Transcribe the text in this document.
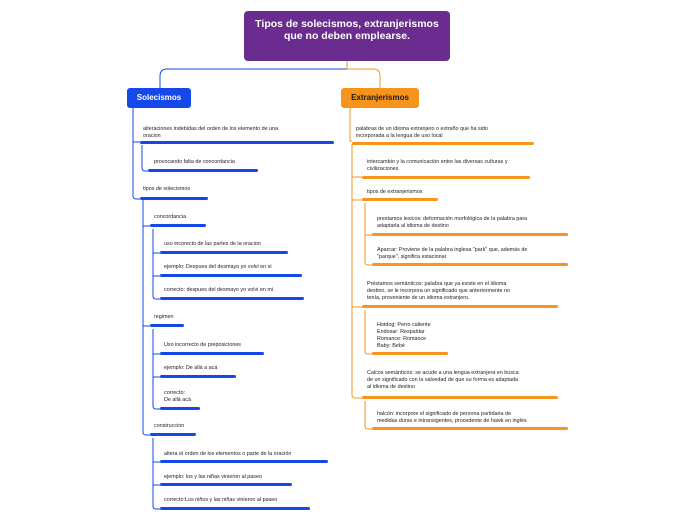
Tipos de solecismos, extranjerismos que no deben emplearse.
Solecismos	Extranjerismos
alteraciones indebidas del orden de los elemento de una
oracion
provocando falta de concordancia
tipos de solecismos
concordancia
uso incorecto de las partes de la oracion
ejemplo: Despues del desmayo yo volvi en si
correcto: despues del desmayo yo volvi en mi
regimen
Uso incorrecto de preposiciones
ejemplo: De allá a acá
correcto:
De allá acá
construccion
altera el orden de los elementos o parte de la oración
ejemplo: los y las niñas vinieron al paseo
correcto:Los niños y las niñas vinieron al paseo
palabras de un idioma extranjero o extraño que ha sido
incorporada a la lengua de uso local
intercambio y la comunicación entre las diversas culturas y
civilizaciones
tipos de extranjerismos
prestamos lexicos: deformación morfológica de la palabra para
adaptarla al idioma de destino
Aparcar: Proviene de la palabra inglesa "park" que, además de
"parque", significa estacionar
Préstamos semánticos: palabra que ya existe en el idioma
destino, se le incorpora un significado que anteriormente no
tenía, proveniente de un idioma extranjero.
Hotdog: Perro caliente
Endosar: Respaldar
Romance: Romance
Baby: Bebé
Calcos semánticos: se acude a una lengua extranjera en busca
de un significado con la salvedad de que su forma es adaptada
al idioma de destino
halcón: incorpore el significado de persona partidaria de
medidas duras e intransigentes, procedente de hawk en inglés
